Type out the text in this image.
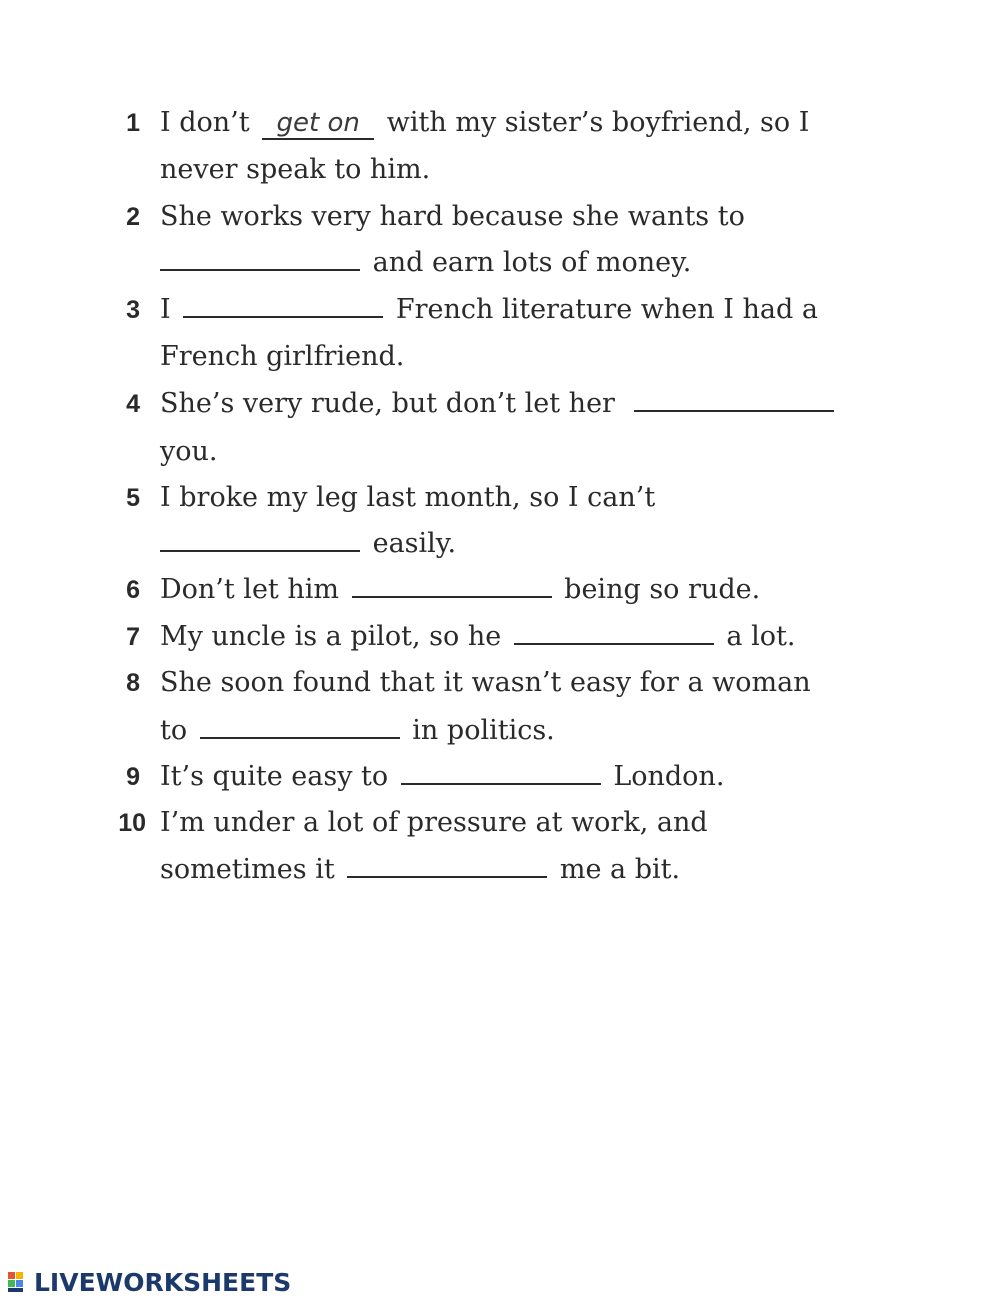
1 I don’t get on with my sister’s boyfriend, so I
never speak to him.
2 She works very hard because she wants to
and earn lots of money.
3 I	French literature when I had a
French girlfriend.
4 She’s very rude, but don’t let her
you.
5 I broke my leg last month, so I can’t
easily.
6 Don’t let him	being so rude.
7 My uncle is a pilot, so he	a lot.
8 She soon found that it wasn’t easy for a woman
to	in politics.
9 It’s quite easy to	London.
10 I’m under a lot of pressure at work, and
sometimes it	me a bit.
LIVEWORKSHEETS
